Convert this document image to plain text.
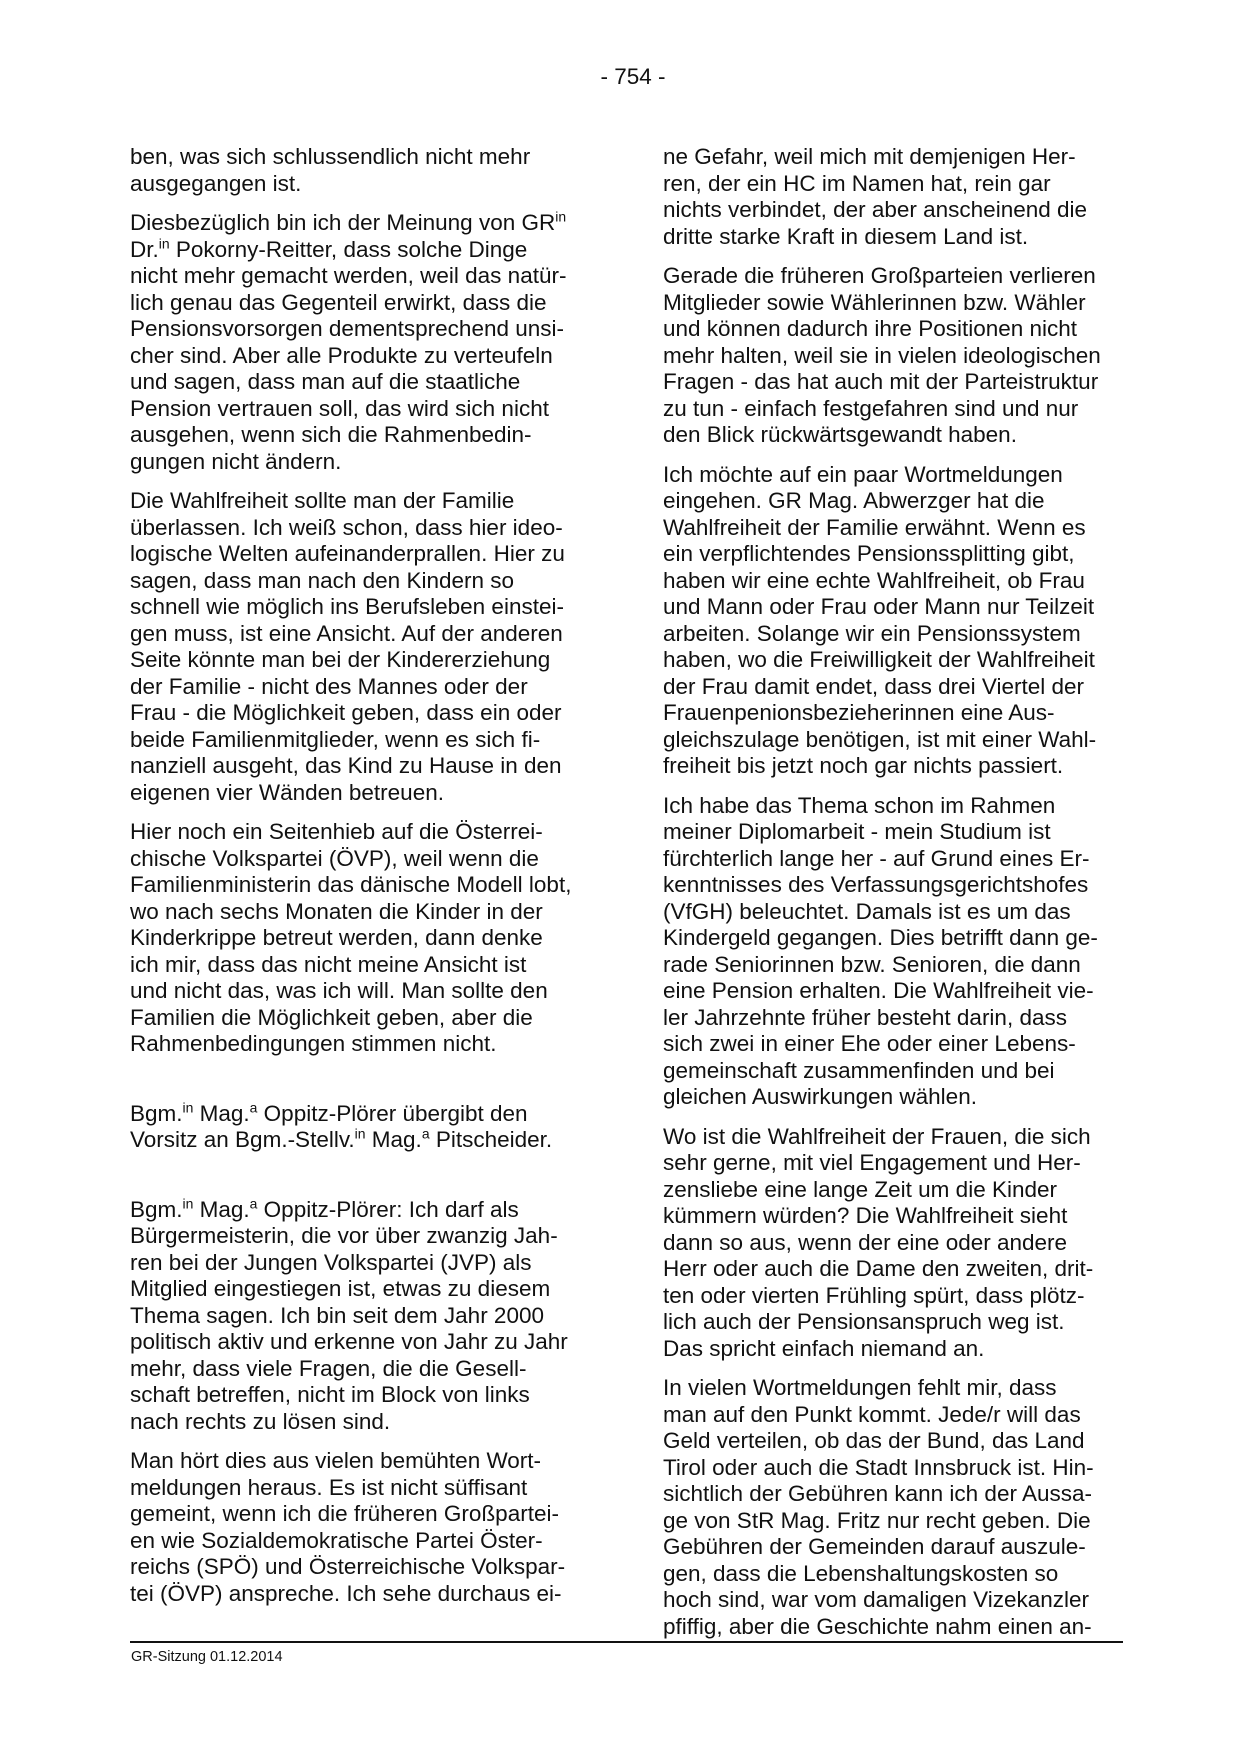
- 754 -

ben, was sich schlussendlich nicht mehr
ausgegangen ist.

Diesbezüglich bin ich der Meinung von $GR^{in}$
Dr.$^{in}$ Pokorny-Reitter, dass solche Dinge
nicht mehr gemacht werden, weil das natür-
lich genau das Gegenteil erwirkt, dass die
Pensionsvorsorgen dementsprechend unsi-
cher sind. Aber alle Produkte zu verteufeln
und sagen, dass man auf die staatliche
Pension vertrauen soll, das wird sich nicht
ausgehen, wenn sich die Rahmenbedin-
gungen nicht ändern.

Die Wahlfreiheit sollte man der Familie
überlassen. Ich weiß schon, dass hier ideo-
logische Welten aufeinanderprallen. Hier zu
sagen, dass man nach den Kindern so
schnell wie möglich ins Berufsleben einstei-
gen muss, ist eine Ansicht. Auf der anderen
Seite könnte man bei der Kindererziehung
der Familie - nicht des Mannes oder der
Frau - die Möglichkeit geben, dass ein oder
beide Familienmitglieder, wenn es sich fi-
nanziell ausgeht, das Kind zu Hause in den
eigenen vier Wänden betreuen.

Hier noch ein Seitenhieb auf die Österrei-
chische Volkspartei (ÖVP), weil wenn die
Familienministerin das dänische Modell lobt,
wo nach sechs Monaten die Kinder in der
Kinderkrippe betreut werden, dann denke
ich mir, dass das nicht meine Ansicht ist
und nicht das, was ich will. Man sollte den
Familien die Möglichkeit geben, aber die
Rahmenbedingungen stimmen nicht.

Bgm.$^{in}$ Mag.$^a$ Oppitz-Plörer übergibt den
Vorsitz an Bgm.-Stellv.$^{in}$ Mag.$^a$ Pitscheider.

Bgm.$^{in}$ Mag.$^a$ Oppitz-Plörer: Ich darf als
Bürgermeisterin, die vor über zwanzig Jah-
ren bei der Jungen Volkspartei (JVP) als
Mitglied eingestiegen ist, etwas zu diesem
Thema sagen. Ich bin seit dem Jahr 2000
politisch aktiv und erkenne von Jahr zu Jahr
mehr, dass viele Fragen, die die Gesell-
schaft betreffen, nicht im Block von links
nach rechts zu lösen sind.

Man hört dies aus vielen bemühten Wort-
meldungen heraus. Es ist nicht süffisant
gemeint, wenn ich die früheren Großpartei-
en wie Sozialdemokratische Partei Öster-
reichs (SPÖ) und Österreichische Volkspar-
tei (ÖVP) anspreche. Ich sehe durchaus ei-

ne Gefahr, weil mich mit demjenigen Her-
ren, der ein HC im Namen hat, rein gar
nichts verbindet, der aber anscheinend die
dritte starke Kraft in diesem Land ist.

Gerade die früheren Großparteien verlieren
Mitglieder sowie Wählerinnen bzw. Wähler
und können dadurch ihre Positionen nicht
mehr halten, weil sie in vielen ideologischen
Fragen - das hat auch mit der Parteistruktur
zu tun - einfach festgefahren sind und nur
den Blick rückwärtsgewandt haben.

Ich möchte auf ein paar Wortmeldungen
eingehen. GR Mag. Abwerzger hat die
Wahlfreiheit der Familie erwähnt. Wenn es
ein verpflichtendes Pensionssplitting gibt,
haben wir eine echte Wahlfreiheit, ob Frau
und Mann oder Frau oder Mann nur Teilzeit
arbeiten. Solange wir ein Pensionssystem
haben, wo die Freiwilligkeit der Wahlfreiheit
der Frau damit endet, dass drei Viertel der
Frauenpenionsbezieherinnen eine Aus-
gleichszulage benötigen, ist mit einer Wahl-
freiheit bis jetzt noch gar nichts passiert.

Ich habe das Thema schon im Rahmen
meiner Diplomarbeit - mein Studium ist
fürchterlich lange her - auf Grund eines Er-
kenntnisses des Verfassungsgerichtshofes
(VfGH) beleuchtet. Damals ist es um das
Kindergeld gegangen. Dies betrifft dann ge-
rade Seniorinnen bzw. Senioren, die dann
eine Pension erhalten. Die Wahlfreiheit vie-
ler Jahrzehnte früher besteht darin, dass
sich zwei in einer Ehe oder einer Lebens-
gemeinschaft zusammenfinden und bei
gleichen Auswirkungen wählen.

Wo ist die Wahlfreiheit der Frauen, die sich
sehr gerne, mit viel Engagement und Her-
zensliebe eine lange Zeit um die Kinder
kümmern würden? Die Wahlfreiheit sieht
dann so aus, wenn der eine oder andere
Herr oder auch die Dame den zweiten, drit-
ten oder vierten Frühling spürt, dass plötz-
lich auch der Pensionsanspruch weg ist.
Das spricht einfach niemand an.

In vielen Wortmeldungen fehlt mir, dass
man auf den Punkt kommt. Jede/r will das
Geld verteilen, ob das der Bund, das Land
Tirol oder auch die Stadt Innsbruck ist. Hin-
sichtlich der Gebühren kann ich der Aussa-
ge von StR Mag. Fritz nur recht geben. Die
Gebühren der Gemeinden darauf auszule-
gen, dass die Lebenshaltungskosten so
hoch sind, war vom damaligen Vizekanzler
pfiffig, aber die Geschichte nahm einen an-

GR-Sitzung 01.12.2014
